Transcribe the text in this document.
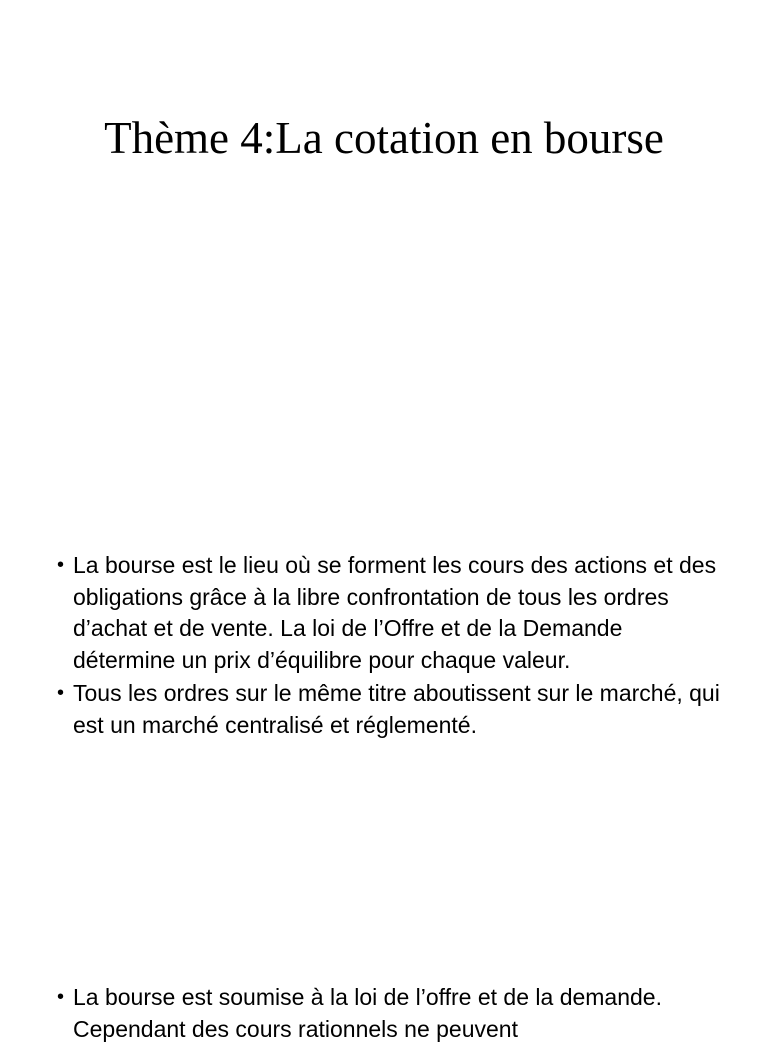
Thème 4:La cotation en bourse
• La bourse est le lieu où se forment les cours des actions et des obligations grâce à la libre confrontation de tous les ordres d’achat et de vente. La loi de l’Offre et de la Demande détermine un prix d’équilibre pour chaque valeur.
• Tous les ordres sur le même titre aboutissent sur le marché, qui est un marché centralisé et réglementé.
• La bourse est soumise à la loi de l’offre et de la demande. Cependant des cours rationnels ne peuvent
